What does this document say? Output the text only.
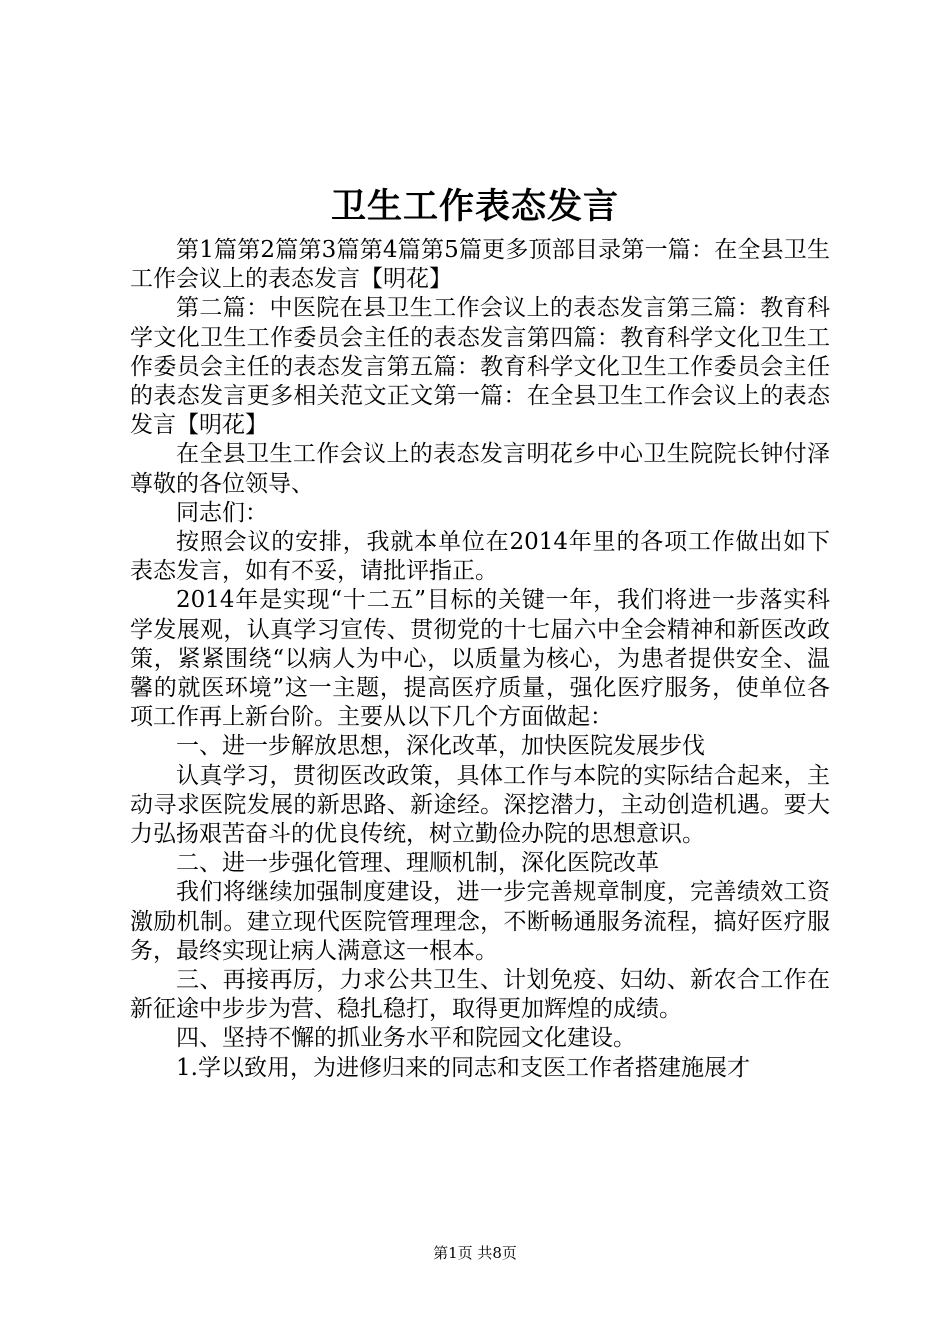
卫生工作表态发言

第1篇第2篇第3篇第4篇第5篇更多顶部目录第一篇：在全县卫生工作会议上的表态发言【明花】

第二篇：中医院在县卫生工作会议上的表态发言第三篇：教育科学文化卫生工作委员会主任的表态发言第四篇：教育科学文化卫生工作委员会主任的表态发言第五篇：教育科学文化卫生工作委员会主任的表态发言更多相关范文正文第一篇：在全县卫生工作会议上的表态发言【明花】

在全县卫生工作会议上的表态发言明花乡中心卫生院院长钟付泽尊敬的各位领导、

同志们：

按照会议的安排，我就本单位在2014年里的各项工作做出如下表态发言，如有不妥，请批评指正。

2014年是实现“十二五”目标的关键一年，我们将进一步落实科学发展观，认真学习宣传、贯彻党的十七届六中全会精神和新医改政策，紧紧围绕“以病人为中心，以质量为核心，为患者提供安全、温馨的就医环境”这一主题，提高医疗质量，强化医疗服务，使单位各项工作再上新台阶。主要从以下几个方面做起：

一、进一步解放思想，深化改革，加快医院发展步伐

认真学习，贯彻医改政策，具体工作与本院的实际结合起来，主动寻求医院发展的新思路、新途经。深挖潜力，主动创造机遇。要大力弘扬艰苦奋斗的优良传统，树立勤俭办院的思想意识。

二、进一步强化管理、理顺机制，深化医院改革

我们将继续加强制度建设，进一步完善规章制度，完善绩效工资激励机制。建立现代医院管理理念，不断畅通服务流程，搞好医疗服务，最终实现让病人满意这一根本。

三、再接再厉，力求公共卫生、计划免疫、妇幼、新农合工作在新征途中步步为营、稳扎稳打，取得更加辉煌的成绩。

四、坚持不懈的抓业务水平和院园文化建设。

1.学以致用，为进修归来的同志和支医工作者搭建施展才

第1页 共8页
